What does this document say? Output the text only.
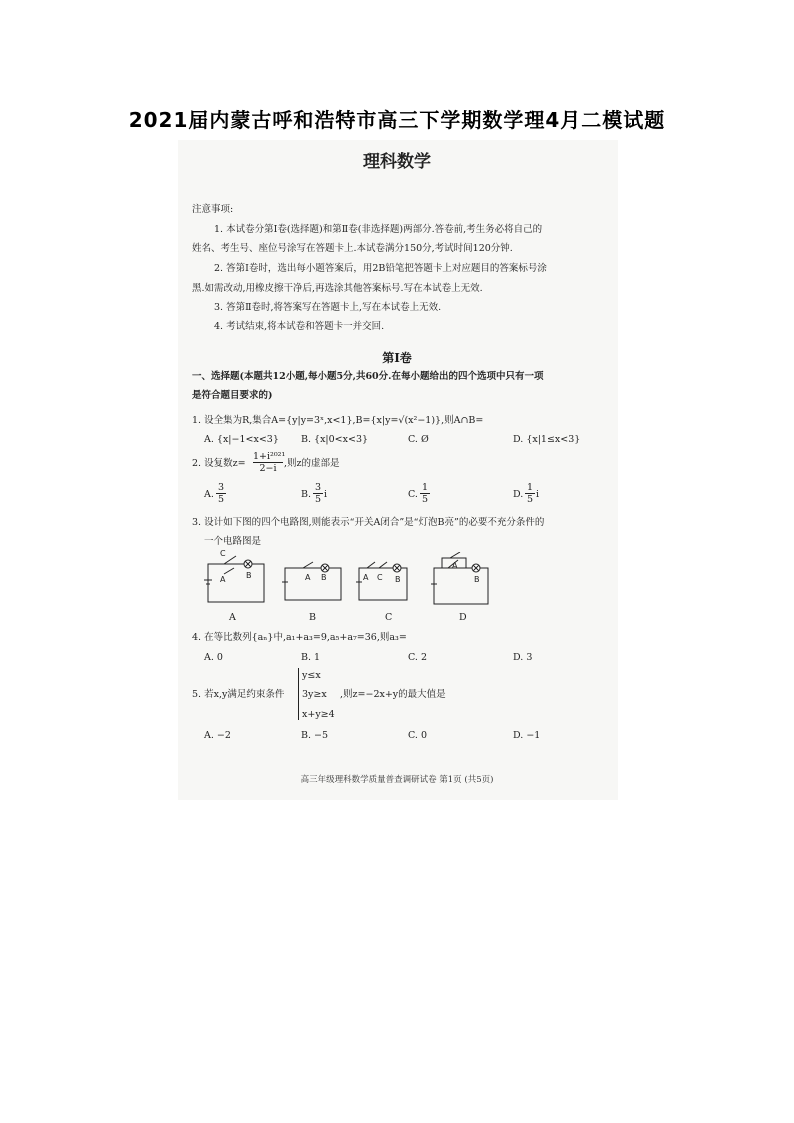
2021届内蒙古呼和浩特市高三下学期数学理4月二模试题
理科数学
注意事项:
1. 本试卷分第Ⅰ卷(选择题)和第Ⅱ卷(非选择题)两部分.答卷前,考生务必将自己的
姓名、考生号、座位号涂写在答题卡上.本试卷满分150分,考试时间120分钟.
2. 答第Ⅰ卷时，选出每小题答案后，用2B铅笔把答题卡上对应题目的答案标号涂
黑.如需改动,用橡皮擦干净后,再选涂其他答案标号.写在本试卷上无效.
3. 答第Ⅱ卷时,将答案写在答题卡上,写在本试卷上无效.
4. 考试结束,将本试卷和答题卡一并交回.
第Ⅰ卷
一、选择题(本题共12小题,每小题5分,共60分.在每小题给出的四个选项中只有一项
是符合题目要求的)
1. 设全集为R,集合A={y|y=3ˣ,x<1},B={x|y=√(x²−1)},则A∩B=
A. {x|−1<x<3} B. {x|0<x<3}	C. Ø	D. {x|1≤x<3}
2. 设复数$z= \frac{\text{1+i²⁰²¹}}{2-i}$ ,则z的虚部是
A. $\frac{3}{5}$	B. $\frac{3}{5}$ i	C. $\frac{1}{5}$	D. $\frac{1}{5}$ i
3. 设计如下图的四个电路图,则能表示“开关A闭合”是“灯泡B亮”的必要不充分条件的
一个电路图是
C
A	B	A B	A C B
A
B
A	B	C	D
4. 在等比数列{aₙ}中,a₁+a₃=9,a₅+a₇=36,则a₃=
A. 0	B. 1	C. 2	D. 3
5. 若x,y满足约束条件
y≤x
3y≥x
x+y≥4
,则z=−2x+y的最大值是
A. −2	B. −5	C. 0	D. −1
高三年级理科数学质量普查调研试卷 第1页 (共5页)
